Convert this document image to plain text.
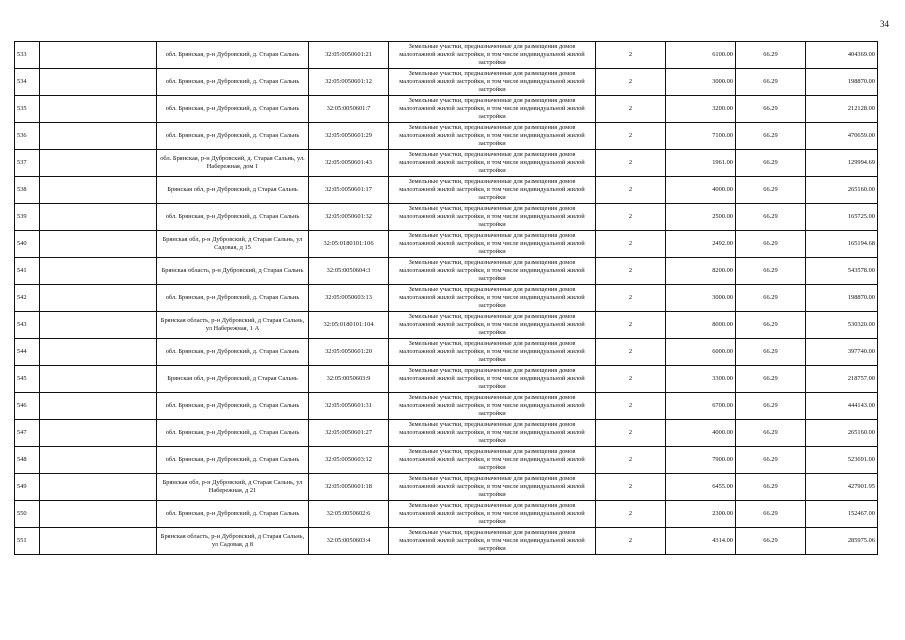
34
533		обл. Брянская, р-н Дубровский, д. Старая Сальнь	32:05:0050601:21	Земельные участки, предназначенные для размещения домов малоэтажной жилой застройки, в том числе индивидуальной жилой застройки	2	6100.00	66.29	404369.00
534		обл. Брянская, р-н Дубровский, д. Старая Сальнь	32:05:0050601:12	Земельные участки, предназначенные для размещения домов малоэтажной жилой застройки, в том числе индивидуальной жилой застройки	2	3000.00	66.29	198870.00
535		обл. Брянская, р-н Дубровский, д. Старая Сальнь	32:05:0050601:7	Земельные участки, предназначенные для размещения домов малоэтажной жилой застройки, в том числе индивидуальной жилой застройки	2	3200.00	66.29	212128.00
536		обл. Брянская, р-н Дубровский, д. Старая Сальнь	32:05:0050601:29	Земельные участки, предназначенные для размещения домов малоэтажной жилой застройки, в том числе индивидуальной жилой застройки	2	7100.00	66.29	470659.00
537		обл. Брянская, р-н Дубровский, д. Старая Сальнь, ул. Набережная, дом 1	32:05:0050601:43	Земельные участки, предназначенные для размещения домов малоэтажной жилой застройки, в том числе индивидуальной жилой застройки	2	1961.00	66.29	129994.69
538		Брянская обл, р-н Дубровский, д Старая Сальнь	32:05:0050601:17	Земельные участки, предназначенные для размещения домов малоэтажной жилой застройки, в том числе индивидуальной жилой застройки	2	4000.00	66.29	265160.00
539		обл. Брянская, р-н Дубровский, д. Старая Сальнь	32:05:0050601:32	Земельные участки, предназначенные для размещения домов малоэтажной жилой застройки, в том числе индивидуальной жилой застройки	2	2500.00	66.29	165725.00
540		Брянская обл, р-н Дубровский, д Старая Сальнь, ул Садовая, д 15	32:05:0180101:106	Земельные участки, предназначенные для размещения домов малоэтажной жилой застройки, в том числе индивидуальной жилой застройки	2	2492.00	66.29	165194.68
541		Брянская область, р-н Дубровский, д Старая Сальнь	32:05:0050604:3	Земельные участки, предназначенные для размещения домов малоэтажной жилой застройки, в том числе индивидуальной жилой застройки	2	8200.00	66.29	543578.00
542		обл. Брянская, р-н Дубровский, д. Старая Сальнь	32:05:0050603:13	Земельные участки, предназначенные для размещения домов малоэтажной жилой застройки, в том числе индивидуальной жилой застройки	2	3000.00	66.29	198870.00
543		Брянская область, р-н Дубровский, д Старая Сальнь, ул Набережная, 1 А	32:05:0180101:104	Земельные участки, предназначенные для размещения домов малоэтажной жилой застройки, в том числе индивидуальной жилой застройки	2	8000.00	66.29	530320.00
544		обл. Брянская, р-н Дубровский, д. Старая Сальнь	32:05:0050601:20	Земельные участки, предназначенные для размещения домов малоэтажной жилой застройки, в том числе индивидуальной жилой застройки	2	6000.00	66.29	397740.00
545		Брянская обл, р-н Дубровский, д Старая Сальнь	32:05:0050603:9	Земельные участки, предназначенные для размещения домов малоэтажной жилой застройки, в том числе индивидуальной жилой застройки	2	3300.00	66.29	218757.00
546		обл. Брянская, р-н Дубровский, д. Старая Сальнь	32:05:0050601:31	Земельные участки, предназначенные для размещения домов малоэтажной жилой застройки, в том числе индивидуальной жилой застройки	2	6700.00	66.29	444143.00
547		обл. Брянская, р-н Дубровский, д. Старая Сальнь	32:05:0050601:27	Земельные участки, предназначенные для размещения домов малоэтажной жилой застройки, в том числе индивидуальной жилой застройки	2	4000.00	66.29	265160.00
548		обл. Брянская, р-н Дубровский, д. Старая Сальнь	32:05:0050603:12	Земельные участки, предназначенные для размещения домов малоэтажной жилой застройки, в том числе индивидуальной жилой застройки	2	7900.00	66.29	523691.00
549		Брянская обл, р-н Дубровский, д Старая Сальнь, ул Набережная, д 21	32:05:0050601:18	Земельные участки, предназначенные для размещения домов малоэтажной жилой застройки, в том числе индивидуальной жилой застройки	2	6455.00	66.29	427901.95
550		обл. Брянская, р-н Дубровский, д. Старая Сальнь	32:05:0050602:6	Земельные участки, предназначенные для размещения домов малоэтажной жилой застройки, в том числе индивидуальной жилой застройки	2	2300.00	66.29	152467.00
551		Брянская область, р-н Дубровский, д Старая Сальнь, ул Садовая, д 8	32:05:0050603:4	Земельные участки, предназначенные для размещения домов малоэтажной жилой застройки, в том числе индивидуальной жилой застройки	2	4314.00	66.29	285975.06
